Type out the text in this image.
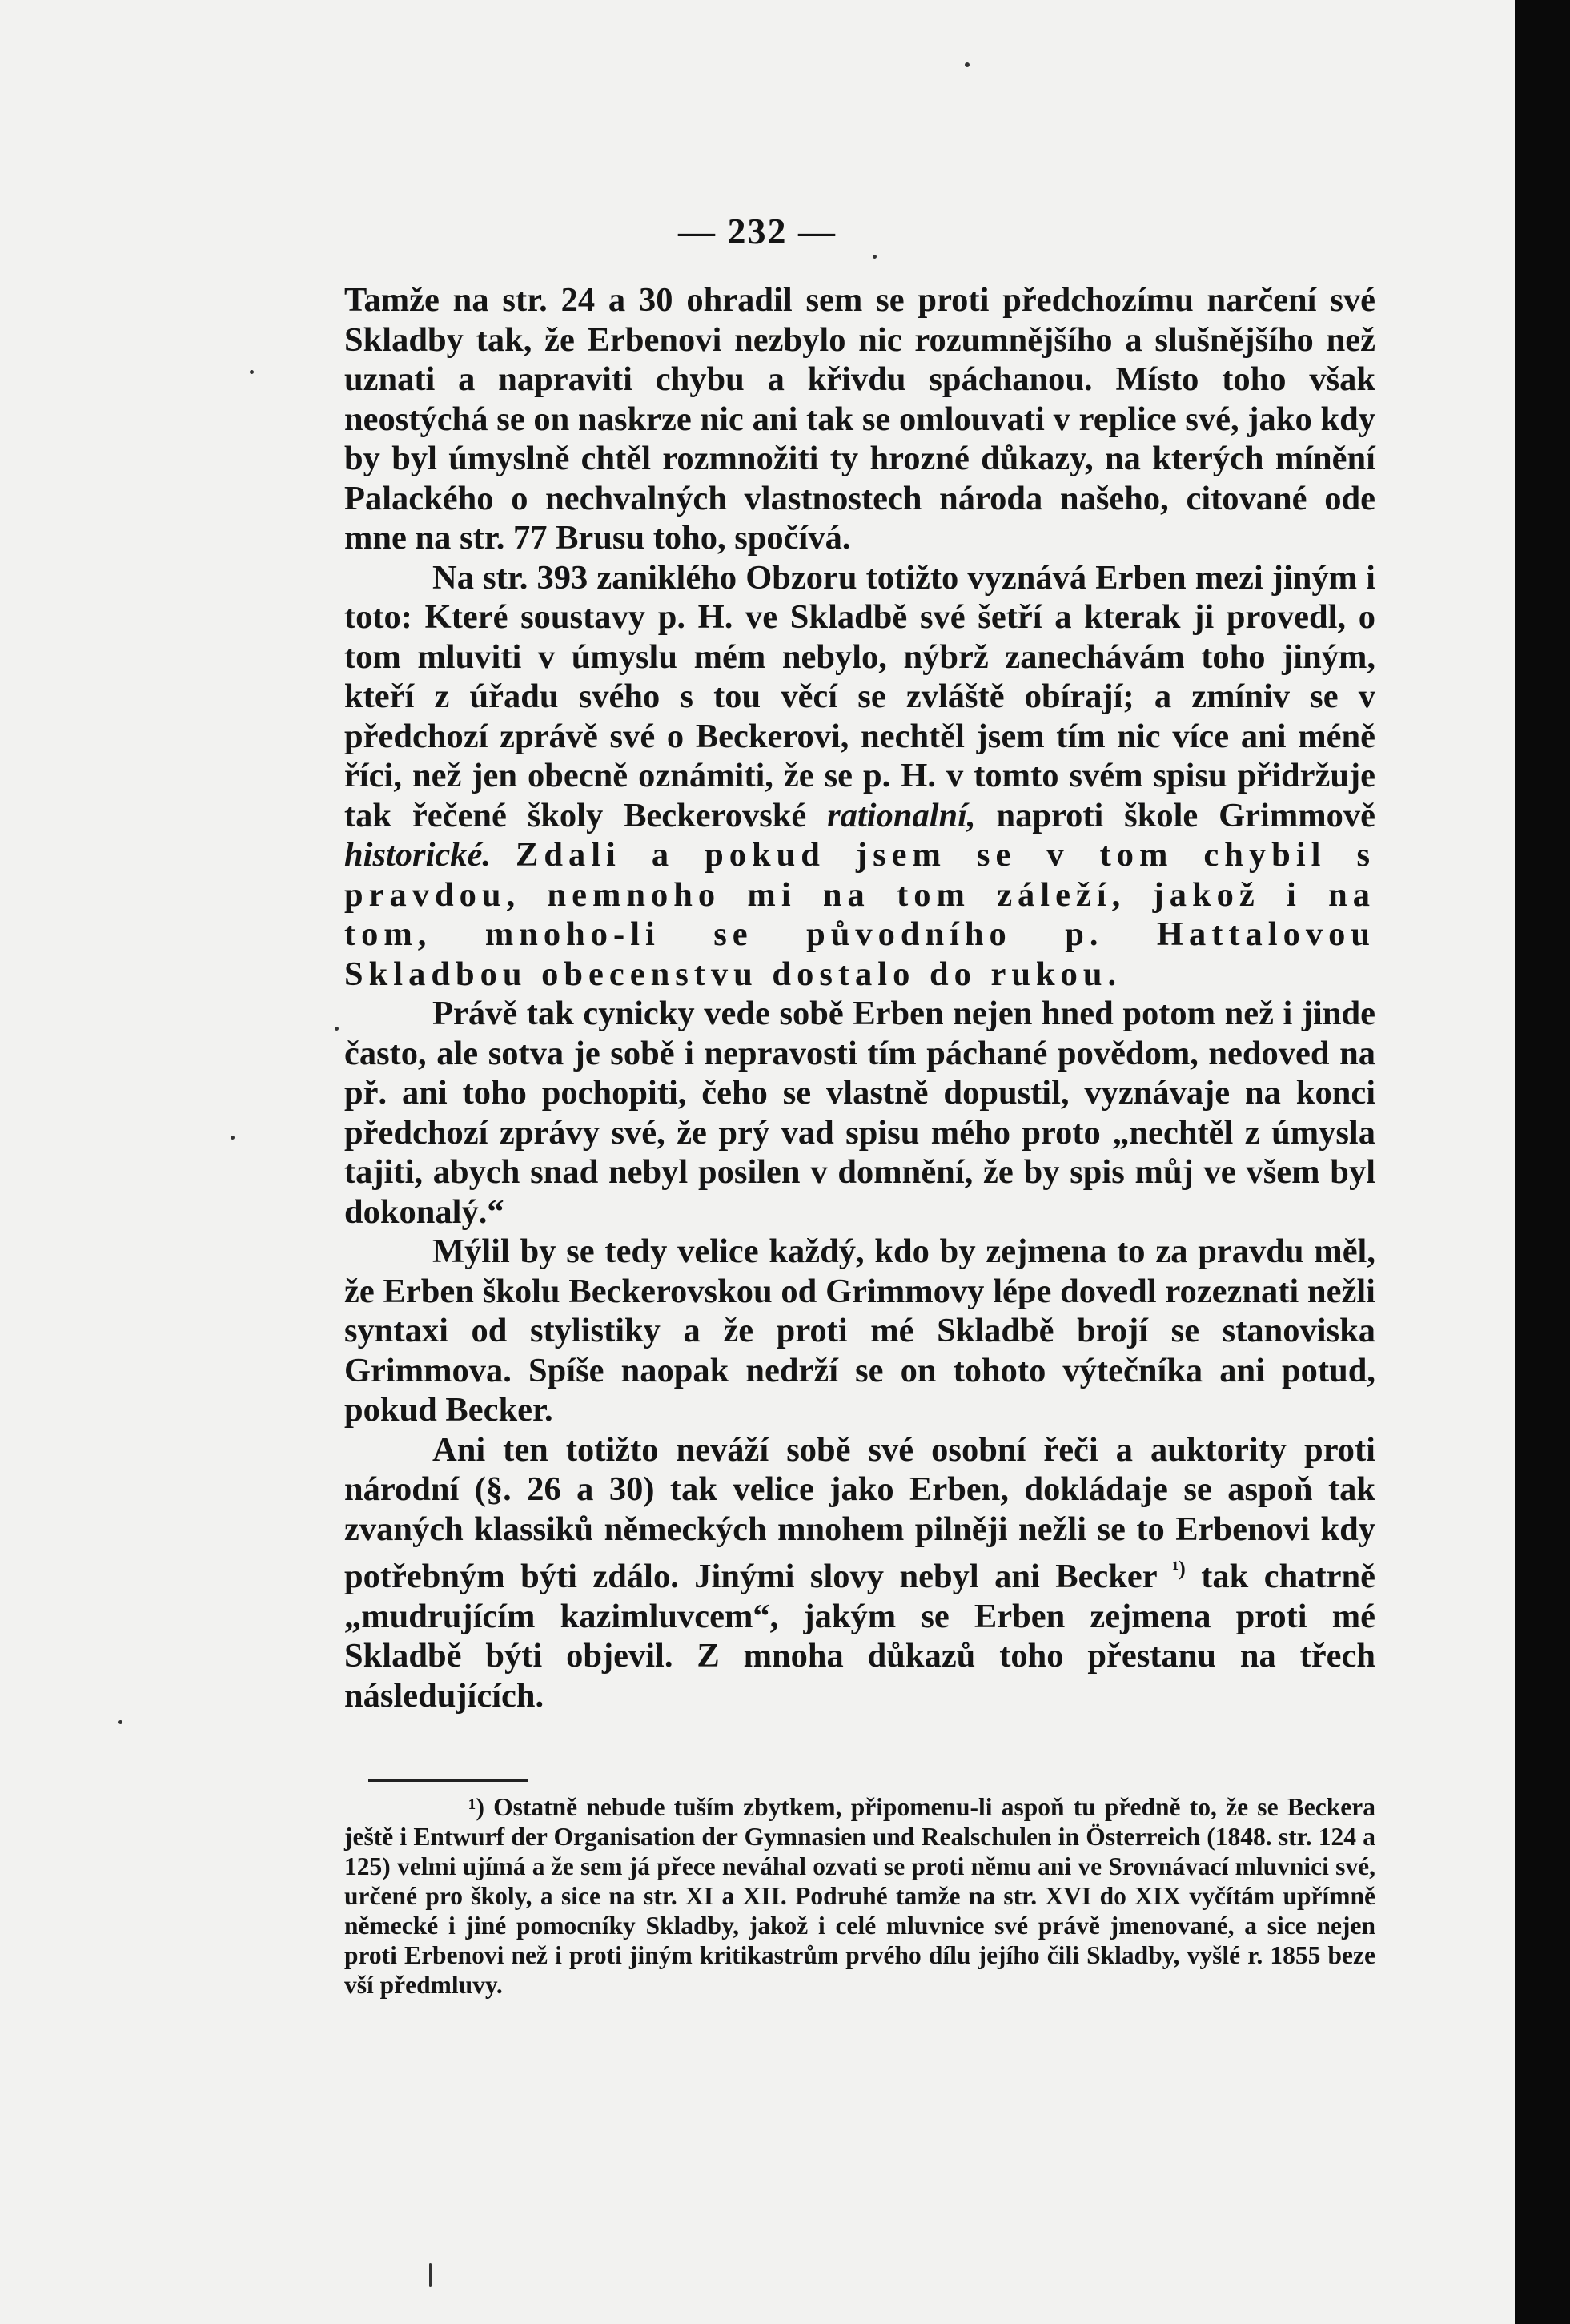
— 232 —

Tamže na str. 24 a 30 ohradil sem se proti předchozímu narčení své Skladby tak, že Erbenovi nezbylo nic rozumnějšího a slušnějšího než uznati a napraviti chybu a křivdu spáchanou. Místo toho však neostýchá se on naskrze nic ani tak se omlouvati v replice své, jako kdy by byl úmyslně chtěl rozmnožiti ty hrozné důkazy, na kterých mínění Palackého o nechvalných vlastnostech národa našeho, citované ode mne na str. 77 Brusu toho, spočívá.

Na str. 393 zaniklého Obzoru totižto vyznává Erben mezi jiným i toto: Které soustavy p. H. ve Skladbě své šetří a kterak ji provedl, o tom mluviti v úmyslu mém nebylo, nýbrž zanechávám toho jiným, kteří z úřadu svého s tou věcí se zvláště obírají; a zmíniv se v předchozí zprávě své o Beckerovi, nechtěl jsem tím nic více ani méně říci, než jen obecně oznámiti, že se p. H. v tomto svém spisu přidržuje tak řečené školy Beckerovské rationalní, naproti škole Grimmově historické. Zdali a pokud jsem se v tom chybil s pravdou, nemnoho mi na tom záleží, jakož i na tom, mnoho-li se původního p. Hattalovou Skladbou obecenstvu dostalo do rukou.

Právě tak cynicky vede sobě Erben nejen hned potom než i jinde často, ale sotva je sobě i nepravosti tím páchané povědom, nedoved na př. ani toho pochopiti, čeho se vlastně dopustil, vyznávaje na konci předchozí zprávy své, že prý vad spisu mého proto „nechtěl z úmysla tajiti, abych snad nebyl posilen v domnění, že by spis můj ve všem byl dokonalý.“

Mýlil by se tedy velice každý, kdo by zejmena to za pravdu měl, že Erben školu Beckerovskou od Grimmovy lépe dovedl rozeznati nežli syntaxi od stylistiky a že proti mé Skladbě brojí se stanoviska Grimmova. Spíše naopak nedrží se on tohoto výtečníka ani potud, pokud Becker.

Ani ten totižto neváží sobě své osobní řeči a auktority proti národní (§. 26 a 30) tak velice jako Erben, dokládaje se aspoň tak zvaných klassiků německých mnohem pilněji nežli se to Erbenovi kdy potřebným býti zdálo. Jinými slovy nebyl ani Becker $^{^1)}$ tak chatrně „mudrujícím kazimluvcem“, jakým se Erben zejmena proti mé Skladbě býti objevil. Z mnoha důkazů toho přestanu na třech následujících.

¹) Ostatně nebude tuším zbytkem, připomenu-li aspoň tu předně to, že se Beckera ještě i Entwurf der Organisation der Gymnasien und Realschulen in Österreich (1848. str. 124 a 125) velmi ujímá a že sem já přece neváhal ozvati se proti němu ani ve Srovnávací mluvnici své, určené pro školy, a sice na str. XI a XII. Podruhé tamže na str. XVI do XIX vyčítám upřímně německé i jiné pomocníky Skladby, jakož i celé mluvnice své právě jmenované, a sice nejen proti Erbenovi než i proti jiným kritikastrům prvého dílu jejího čili Skladby, vyšlé r. 1855 beze vší předmluvy.
